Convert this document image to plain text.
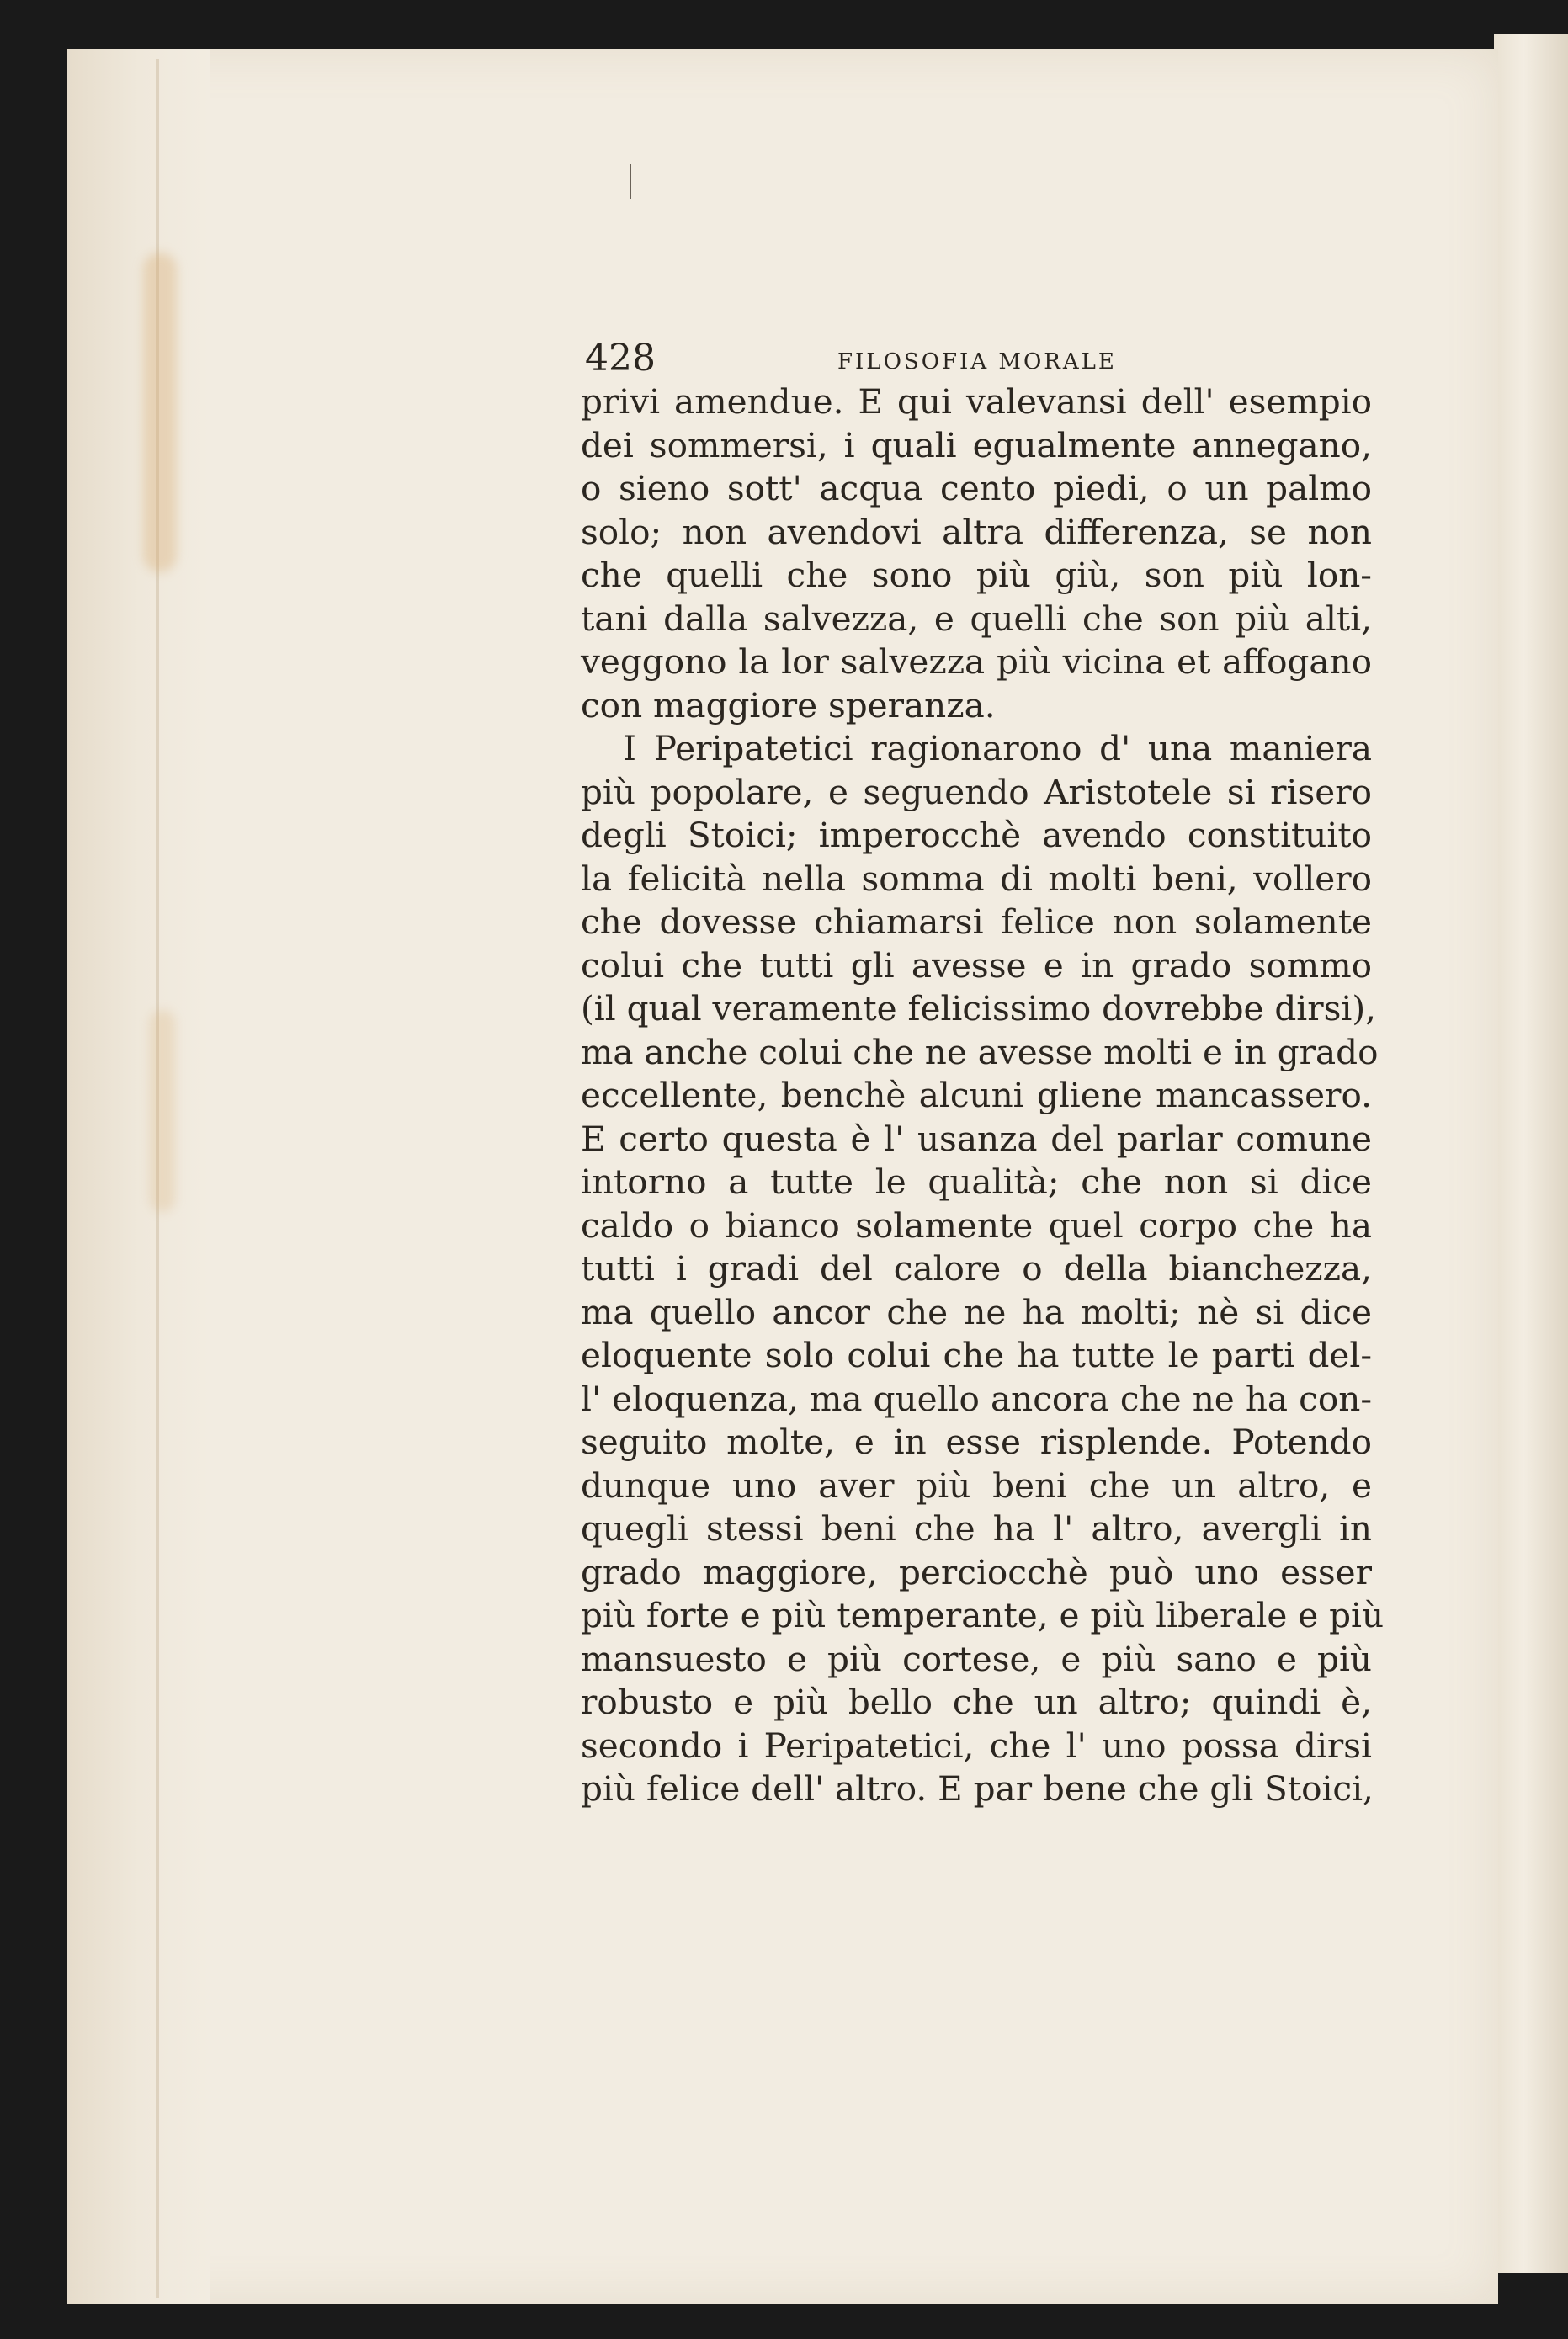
428	FILOSOFIA MORALE
privi amendue. E qui valevansi dell' esempio
dei sommersi, i quali egualmente annegano,
o sieno sott' acqua cento piedi, o un palmo
solo; non avendovi altra differenza, se non
che quelli che sono più giù, son più lon-
tani dalla salvezza, e quelli che son più alti,
veggono la lor salvezza più vicina et affogano
con maggiore speranza.
I Peripatetici ragionarono d' una maniera
più popolare, e seguendo Aristotele si risero
degli Stoici; imperocchè avendo constituito
la felicità nella somma di molti beni, vollero
che dovesse chiamarsi felice non solamente
colui che tutti gli avesse e in grado sommo
(il qual veramente felicissimo dovrebbe dirsi),
ma anche colui che ne avesse molti e in grado
eccellente, benchè alcuni gliene mancassero.
E certo questa è l' usanza del parlar comune
intorno a tutte le qualità; che non si dice
caldo o bianco solamente quel corpo che ha
tutti i gradi del calore o della bianchezza,
ma quello ancor che ne ha molti; nè si dice
eloquente solo colui che ha tutte le parti del-
l' eloquenza, ma quello ancora che ne ha con-
seguito molte, e in esse risplende. Potendo
dunque uno aver più beni che un altro, e
quegli stessi beni che ha l' altro, avergli in
grado maggiore, perciocchè può uno esser
più forte e più temperante, e più liberale e più
mansuesto e più cortese, e più sano e più
robusto e più bello che un altro; quindi è,
secondo i Peripatetici, che l' uno possa dirsi
più felice dell' altro. E par bene che gli Stoici,
